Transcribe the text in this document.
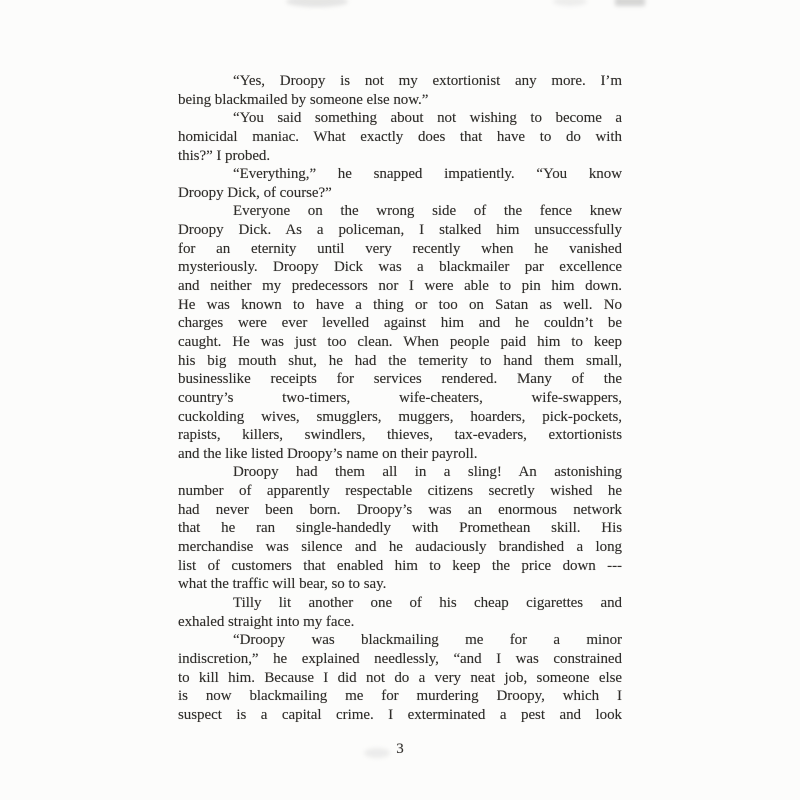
“Yes, Droopy is not my extortionist any more. I’m
being blackmailed by someone else now.”
“You said something about not wishing to become a
homicidal maniac. What exactly does that have to do with
this?” I probed.
“Everything,” he snapped impatiently. “You know
Droopy Dick, of course?”
Everyone on the wrong side of the fence knew
Droopy Dick. As a policeman, I stalked him unsuccessfully
for an eternity until very recently when he vanished
mysteriously. Droopy Dick was a blackmailer par excellence
and neither my predecessors nor I were able to pin him down.
He was known to have a thing or too on Satan as well. No
charges were ever levelled against him and he couldn’t be
caught. He was just too clean. When people paid him to keep
his big mouth shut, he had the temerity to hand them small,
businesslike receipts for services rendered. Many of the
country’s two-timers, wife-cheaters, wife-swappers,
cuckolding wives, smugglers, muggers, hoarders, pick-pockets,
rapists, killers, swindlers, thieves, tax-evaders, extortionists
and the like listed Droopy’s name on their payroll.
Droopy had them all in a sling! An astonishing
number of apparently respectable citizens secretly wished he
had never been born. Droopy’s was an enormous network
that he ran single-handedly with Promethean skill. His
merchandise was silence and he audaciously brandished a long
list of customers that enabled him to keep the price down ---
what the traffic will bear, so to say.
Tilly lit another one of his cheap cigarettes and
exhaled straight into my face.
“Droopy was blackmailing me for a minor
indiscretion,” he explained needlessly, “and I was constrained
to kill him. Because I did not do a very neat job, someone else
is now blackmailing me for murdering Droopy, which I
suspect is a capital crime. I exterminated a pest and look
3
